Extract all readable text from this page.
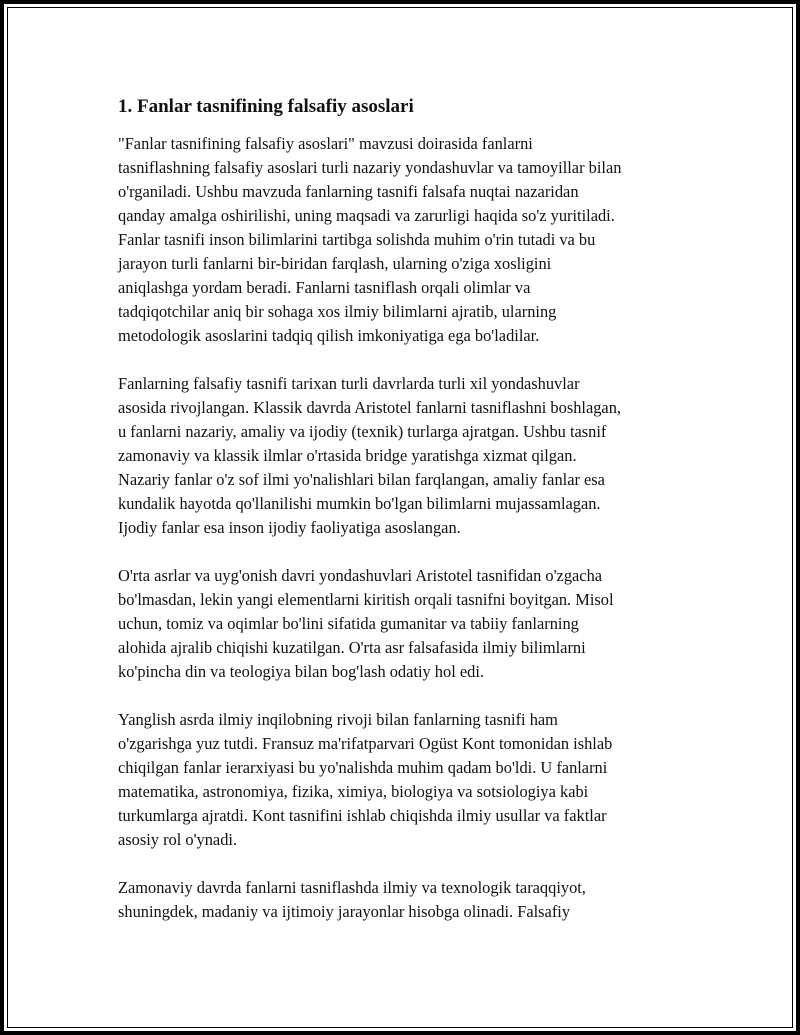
1. Fanlar tasnifining falsafiy asoslari

"Fanlar tasnifining falsafiy asoslari" mavzusi doirasida fanlarni
tasniflashning falsafiy asoslari turli nazariy yondashuvlar va tamoyillar bilan
o'rganiladi. Ushbu mavzuda fanlarning tasnifi falsafa nuqtai nazaridan
qanday amalga oshirilishi, uning maqsadi va zarurligi haqida so'z yuritiladi.
Fanlar tasnifi inson bilimlarini tartibga solishda muhim o'rin tutadi va bu
jarayon turli fanlarni bir-biridan farqlash, ularning o'ziga xosligini
aniqlashga yordam beradi. Fanlarni tasniflash orqali olimlar va
tadqiqotchilar aniq bir sohaga xos ilmiy bilimlarni ajratib, ularning
metodologik asoslarini tadqiq qilish imkoniyatiga ega bo'ladilar.

Fanlarning falsafiy tasnifi tarixan turli davrlarda turli xil yondashuvlar
asosida rivojlangan. Klassik davrda Aristotel fanlarni tasniflashni boshlagan,
u fanlarni nazariy, amaliy va ijodiy (texnik) turlarga ajratgan. Ushbu tasnif
zamonaviy va klassik ilmlar o'rtasida bridge yaratishga xizmat qilgan.
Nazariy fanlar o'z sof ilmi yo'nalishlari bilan farqlangan, amaliy fanlar esa
kundalik hayotda qo'llanilishi mumkin bo'lgan bilimlarni mujassamlagan.
Ijodiy fanlar esa inson ijodiy faoliyatiga asoslangan.

O'rta asrlar va uyg'onish davri yondashuvlari Aristotel tasnifidan o'zgacha
bo'lmasdan, lekin yangi elementlarni kiritish orqali tasnifni boyitgan. Misol
uchun, tomiz va oqimlar bo'lini sifatida gumanitar va tabiiy fanlarning
alohida ajralib chiqishi kuzatilgan. O'rta asr falsafasida ilmiy bilimlarni
ko'pincha din va teologiya bilan bog'lash odatiy hol edi.

Yanglish asrda ilmiy inqilobning rivoji bilan fanlarning tasnifi ham
o'zgarishga yuz tutdi. Fransuz ma'rifatparvari Ogüst Kont tomonidan ishlab
chiqilgan fanlar ierarxiyasi bu yo'nalishda muhim qadam bo'ldi. U fanlarni
matematika, astronomiya, fizika, ximiya, biologiya va sotsiologiya kabi
turkumlarga ajratdi. Kont tasnifini ishlab chiqishda ilmiy usullar va faktlar
asosiy rol o'ynadi.

Zamonaviy davrda fanlarni tasniflashda ilmiy va texnologik taraqqiyot,
shuningdek, madaniy va ijtimoiy jarayonlar hisobga olinadi. Falsafiy
